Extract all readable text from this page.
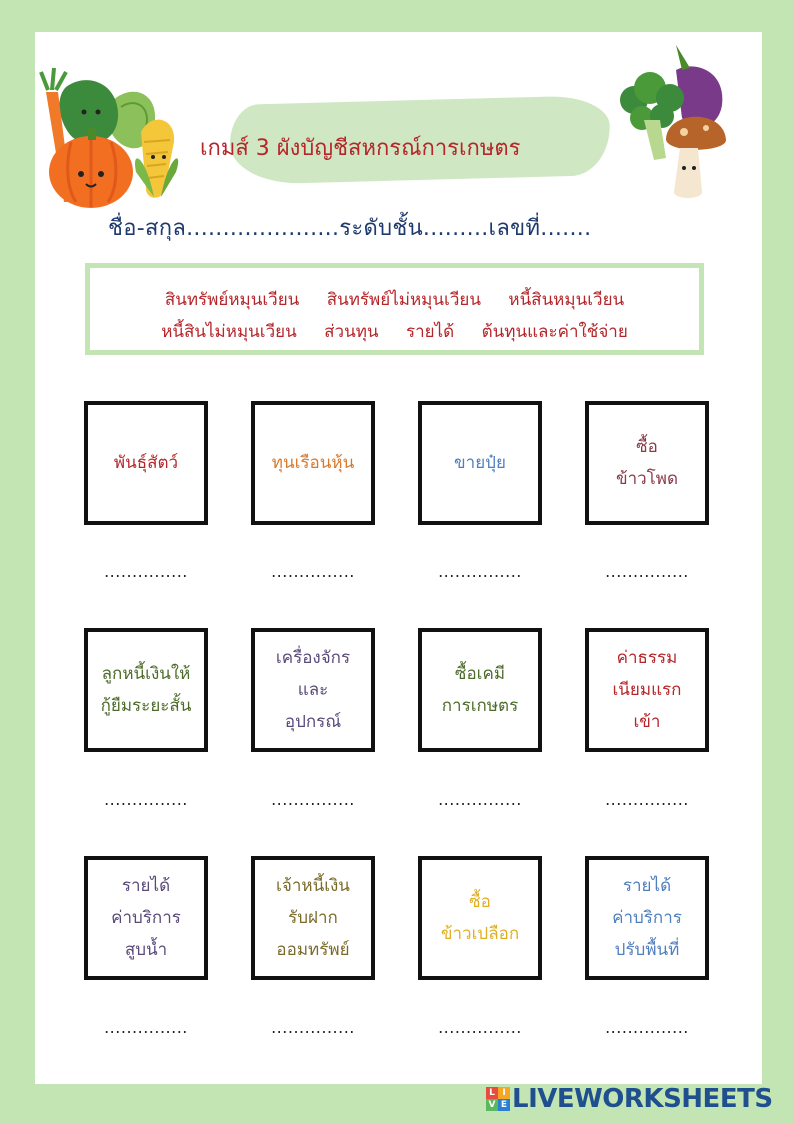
เกมส์ 3 ผังบัญชีสหกรณ์การเกษตร
ชื่อ-สกุล.....................ระดับชั้น.........เลขที่.......
สินทรัพย์หมุนเวียน สินทรัพย์ไม่หมุนเวียน หนี้สินหมุนเวียน
หนี้สินไม่หมุนเวียน ส่วนทุน รายได้ ต้นทุนและค่าใช้จ่าย
พันธุ์สัตว์	ทุนเรือนหุ้น	ขายปุ๋ย
ซื้อ
ข้าวโพด
ลูกหนี้เงินให้
กู้ยืมระยะสั้น
เครื่องจักร
และ
อุปกรณ์
ซื้อเคมี
การเกษตร
ค่าธรรม
เนียมแรก
เข้า
รายได้
ค่าบริการ
สูบน้ำ
เจ้าหนี้เงิน
รับฝาก
ออมทรัพย์
ซื้อ
ข้าวเปลือก
รายได้
ค่าบริการ
ปรับพื้นที่
...............	...............	...............	...............
...............	...............	...............	...............
...............	...............	...............	...............
L I
V E LIVEWORKSHEETS
